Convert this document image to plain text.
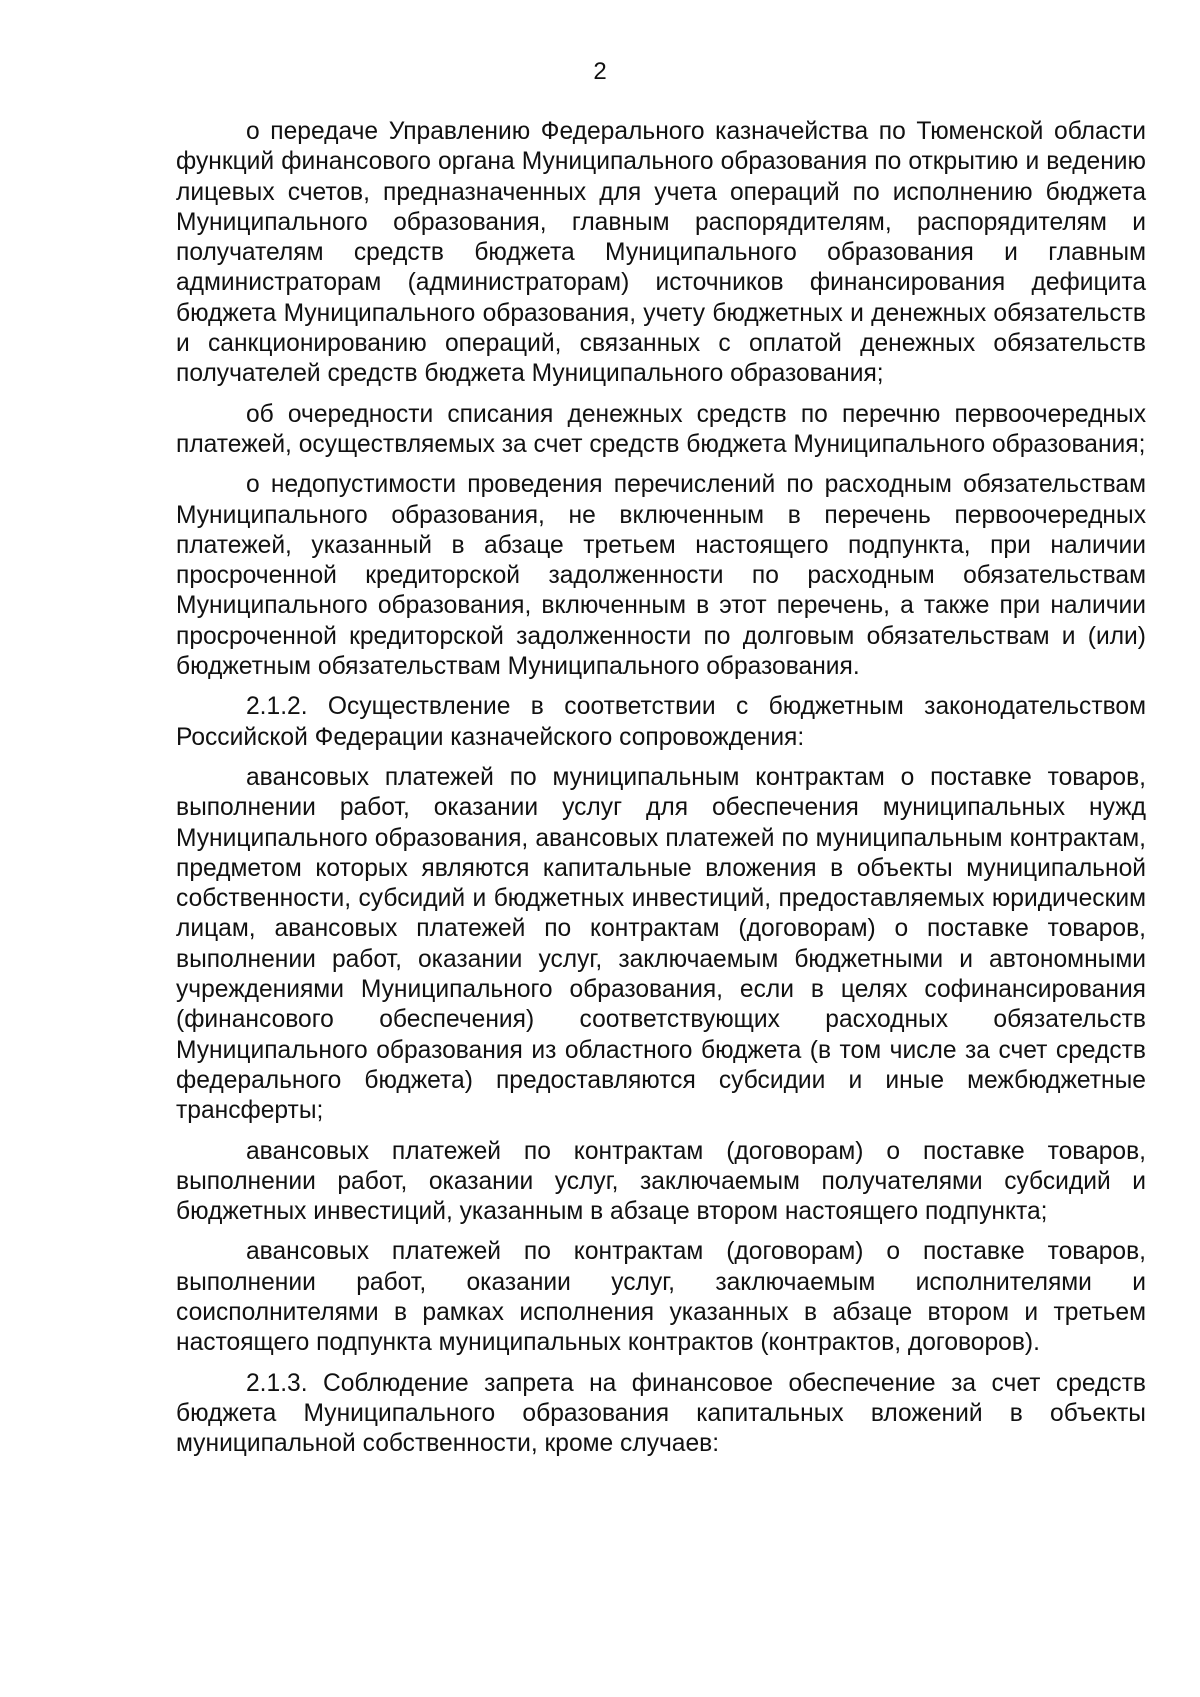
2

о передаче Управлению Федерального казначейства по Тюменской области функций финансового органа Муниципального образования по открытию и ведению лицевых счетов, предназначенных для учета операций по исполнению бюджета Муниципального образования, главным распорядителям, распорядителям и получателям средств бюджета Муниципального образования и главным администраторам (администраторам) источников финансирования дефицита бюджета Муниципального образования, учету бюджетных и денежных обязательств и санкционированию операций, связанных с оплатой денежных обязательств получателей средств бюджета Муниципального образования;

об очередности списания денежных средств по перечню первоочередных платежей, осуществляемых за счет средств бюджета Муниципального образования;

о недопустимости проведения перечислений по расходным обязательствам Муниципального образования, не включенным в перечень первоочередных платежей, указанный в абзаце третьем настоящего подпункта, при наличии просроченной кредиторской задолженности по расходным обязательствам Муниципального образования, включенным в этот перечень, а также при наличии просроченной кредиторской задолженности по долговым обязательствам и (или) бюджетным обязательствам Муниципального образования.

2.1.2. Осуществление в соответствии с бюджетным законодательством Российской Федерации казначейского сопровождения:

авансовых платежей по муниципальным контрактам о поставке товаров, выполнении работ, оказании услуг для обеспечения муниципальных нужд Муниципального образования, авансовых платежей по муниципальным контрактам, предметом которых являются капитальные вложения в объекты муниципальной собственности, субсидий и бюджетных инвестиций, предоставляемых юридическим лицам, авансовых платежей по контрактам (договорам) о поставке товаров, выполнении работ, оказании услуг, заключаемым бюджетными и автономными учреждениями Муниципального образования, если в целях софинансирования (финансового обеспечения) соответствующих расходных обязательств Муниципального образования из областного бюджета (в том числе за счет средств федерального бюджета) предоставляются субсидии и иные межбюджетные трансферты;

авансовых платежей по контрактам (договорам) о поставке товаров, выполнении работ, оказании услуг, заключаемым получателями субсидий и бюджетных инвестиций, указанным в абзаце втором настоящего подпункта;

авансовых платежей по контрактам (договорам) о поставке товаров, выполнении работ, оказании услуг, заключаемым исполнителями и соисполнителями в рамках исполнения указанных в абзаце втором и третьем настоящего подпункта муниципальных контрактов (контрактов, договоров).

2.1.3. Соблюдение запрета на финансовое обеспечение за счет средств бюджета Муниципального образования капитальных вложений в объекты муниципальной собственности, кроме случаев:
